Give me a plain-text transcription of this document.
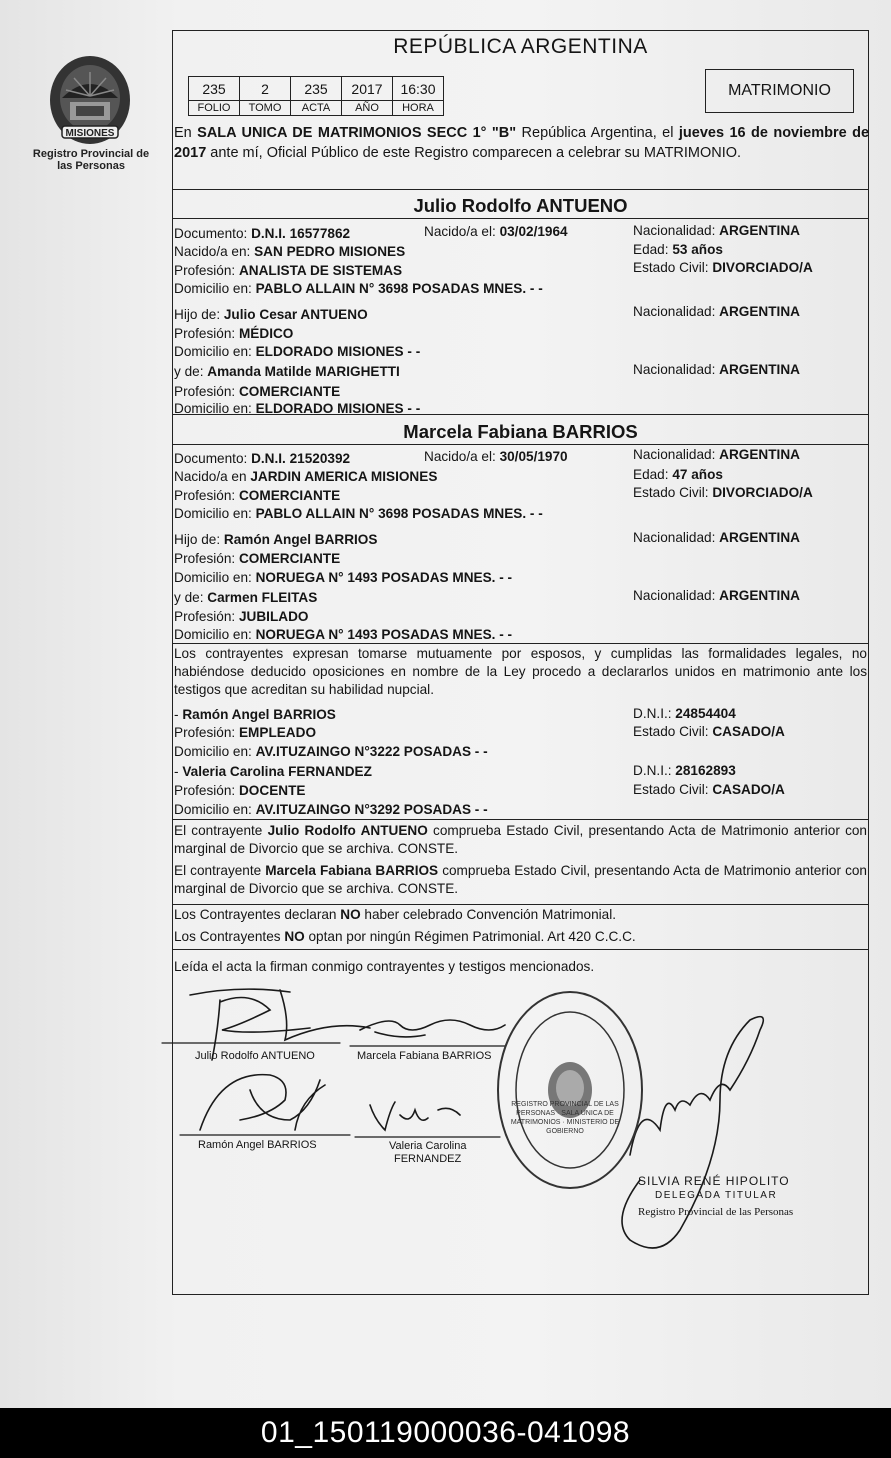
MISIONES
Registro Provincial de las Personas
REPÚBLICA ARGENTINA
235	2	235	2017	16:30
FOLIO	TOMO	ACTA	AÑO	HORA
MATRIMONIO
En SALA UNICA DE MATRIMONIOS SECC 1° "B" República Argentina, el jueves 16 de noviembre de 2017 ante mí, Oficial Público de este Registro comparecen a celebrar su MATRIMONIO.
Julio Rodolfo ANTUENO
Documento: D.N.I. 16577862	Nacido/a el: 03/02/1964	Nacionalidad: ARGENTINA
Nacido/a en: SAN PEDRO MISIONES	Edad: 53 años
Profesión: ANALISTA DE SISTEMAS	Estado Civil: DIVORCIADO/A
Domicilio en: PABLO ALLAIN N° 3698 POSADAS MNES. - -
Hijo de: Julio Cesar ANTUENO	Nacionalidad: ARGENTINA
Profesión: MÉDICO
Domicilio en: ELDORADO MISIONES - -
y de: Amanda Matilde MARIGHETTI	Nacionalidad: ARGENTINA
Profesión: COMERCIANTE
Domicilio en: ELDORADO MISIONES - -
Marcela Fabiana BARRIOS
Documento: D.N.I. 21520392	Nacido/a el: 30/05/1970	Nacionalidad: ARGENTINA
Nacido/a en JARDIN AMERICA MISIONES	Edad: 47 años
Profesión: COMERCIANTE	Estado Civil: DIVORCIADO/A
Domicilio en: PABLO ALLAIN N° 3698 POSADAS MNES. - -
Hijo de: Ramón Angel BARRIOS	Nacionalidad: ARGENTINA
Profesión: COMERCIANTE
Domicilio en: NORUEGA N° 1493 POSADAS MNES. - -
y de: Carmen FLEITAS	Nacionalidad: ARGENTINA
Profesión: JUBILADO
Domicilio en: NORUEGA N° 1493 POSADAS MNES. - -
Los contrayentes expresan tomarse mutuamente por esposos, y cumplidas las formalidades legales, no habiéndose deducido oposiciones en nombre de la Ley procedo a declararlos unidos en matrimonio ante los testigos que acreditan su habilidad nupcial.
- Ramón Angel BARRIOS	D.N.I.: 24854404
Profesión: EMPLEADO	Estado Civil: CASADO/A
Domicilio en: AV.ITUZAINGO N°3222 POSADAS - -
- Valeria Carolina FERNANDEZ	D.N.I.: 28162893
Profesión: DOCENTE	Estado Civil: CASADO/A
Domicilio en: AV.ITUZAINGO N°3292 POSADAS - -
El contrayente Julio Rodolfo ANTUENO comprueba Estado Civil, presentando Acta de Matrimonio anterior con marginal de Divorcio que se archiva. CONSTE.
El contrayente Marcela Fabiana BARRIOS comprueba Estado Civil, presentando Acta de Matrimonio anterior con marginal de Divorcio que se archiva. CONSTE.
Los Contrayentes declaran NO haber celebrado Convención Matrimonial.
Los Contrayentes NO optan por ningún Régimen Patrimonial. Art 420 C.C.C.
Leída el acta la firman conmigo contrayentes y testigos mencionados.
Julio Rodolfo ANTUENO	Marcela Fabiana BARRIOS
Ramón Angel BARRIOS	Valeria Carolina
FERNANDEZ
REGISTRO PROVINCIAL DE LAS PERSONAS · SALA UNICA DE MATRIMONIOS · MINISTERIO DE GOBIERNO
SILVIA RENÉ HIPOLITO
DELEGADA TITULAR
Registro Provincial de las Personas
01_150119000036-041098
